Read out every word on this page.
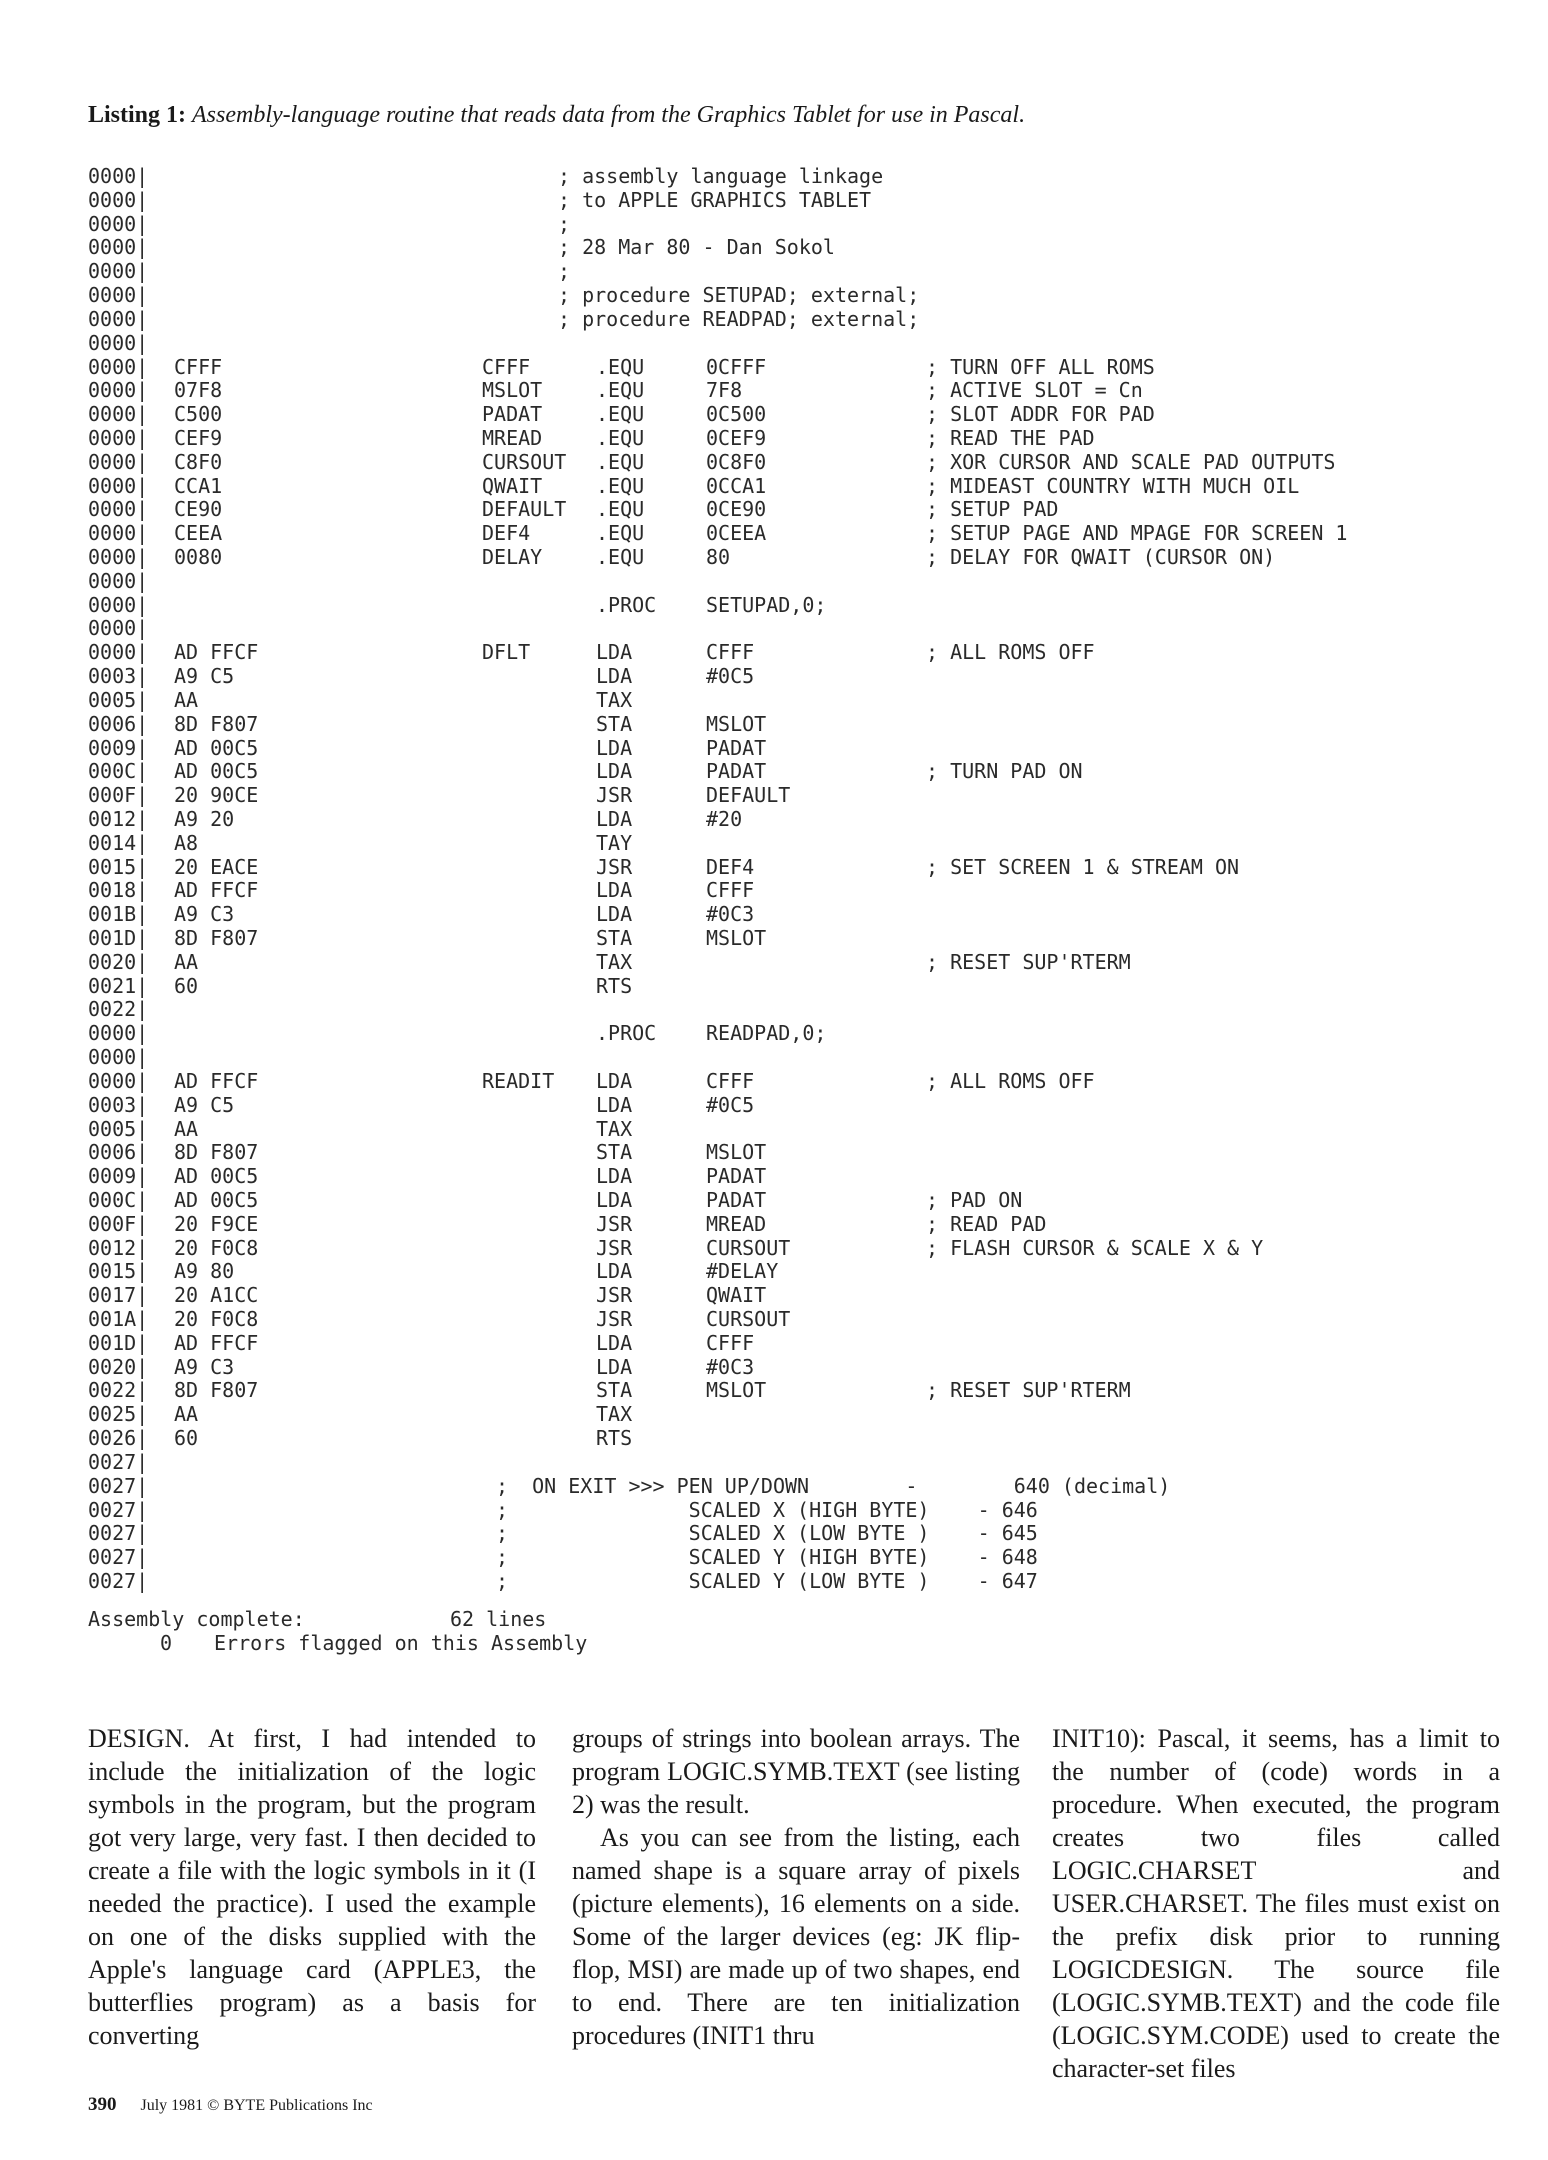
Listing 1: Assembly-language routine that reads data from the Graphics Tablet for use in Pascal.
0000|	; assembly language linkage
0000|	; to APPLE GRAPHICS TABLET
0000|	;
0000|	; 28 Mar 80 - Dan Sokol
0000|	;
0000|	; procedure SETUPAD; external;
0000|	; procedure READPAD; external;
0000|
0000| CFFF	CFFF	.EQU	0CFFF	; TURN OFF ALL ROMS
0000| 07F8	MSLOT	.EQU	7F8	; ACTIVE SLOT = Cn
0000| C500	PADAT	.EQU	0C500	; SLOT ADDR FOR PAD
0000| CEF9	MREAD	.EQU	0CEF9	; READ THE PAD
0000| C8F0	CURSOUT .EQU	0C8F0	; XOR CURSOR AND SCALE PAD OUTPUTS
0000| CCA1	QWAIT	.EQU	0CCA1	; MIDEAST COUNTRY WITH MUCH OIL
0000| CE90	DEFAULT .EQU	0CE90	; SETUP PAD
0000| CEEA	DEF4	.EQU	0CEEA	; SETUP PAGE AND MPAGE FOR SCREEN 1
0000| 0080	DELAY	.EQU	80	; DELAY FOR QWAIT (CURSOR ON)
0000|
0000|	.PROC SETUPAD,0;
0000|
0000| AD FFCF	DFLT	LDA	CFFF	; ALL ROMS OFF
0003| A9 C5	LDA	#0C5
0005| AA	TAX
0006| 8D F807	STA	MSLOT
0009| AD 00C5	LDA	PADAT
000C| AD 00C5	LDA	PADAT	; TURN PAD ON
000F| 20 90CE	JSR	DEFAULT
0012| A9 20	LDA	#20
0014| A8	TAY
0015| 20 EACE	JSR	DEF4	; SET SCREEN 1 & STREAM ON
0018| AD FFCF	LDA	CFFF
001B| A9 C3	LDA	#0C3
001D| 8D F807	STA	MSLOT
0020| AA	TAX	; RESET SUP'RTERM
0021| 60	RTS
0022|
0000|	.PROC READPAD,0;
0000|
0000| AD FFCF	READIT LDA	CFFF	; ALL ROMS OFF
0003| A9 C5	LDA	#0C5
0005| AA	TAX
0006| 8D F807	STA	MSLOT
0009| AD 00C5	LDA	PADAT
000C| AD 00C5	LDA	PADAT	; PAD ON
000F| 20 F9CE	JSR	MREAD	; READ PAD
0012| 20 F0C8	JSR	CURSOUT	; FLASH CURSOR & SCALE X & Y
0015| A9 80	LDA	#DELAY
0017| 20 A1CC	JSR	QWAIT
001A| 20 F0C8	JSR	CURSOUT
001D| AD FFCF	LDA	CFFF
0020| A9 C3	LDA	#0C3
0022| 8D F807	STA	MSLOT	; RESET SUP'RTERM
0025| AA	TAX
0026| 60	RTS
0027|
0027|	;  ON EXIT >>> PEN UP/DOWN        -        640 (decimal)
0027|	;               SCALED X (HIGH BYTE)    - 646
0027|	;               SCALED X (LOW BYTE )    - 645
0027|	;               SCALED Y (HIGH BYTE)    - 648
0027|	;               SCALED Y (LOW BYTE )    - 647

Assembly complete:

	62 lines

0

Errors flagged on this Assembly

DESIGN. At first, I had intended to include the initialization of the logic symbols in the program, but the program got very large, very fast. I then decided to create a file with the logic symbols in it (I needed the practice). I used the example on one of the disks supplied with the Apple's language card (APPLE3, the butterflies program) as a basis for converting

groups of strings into boolean arrays. The program LOGIC.SYMB.TEXT (see listing 2) was the result.

As you can see from the listing, each named shape is a square array of pixels (picture elements), 16 elements on a side. Some of the larger devices (eg: JK flip-flop, MSI) are made up of two shapes, end to end. There are ten initialization procedures (INIT1 thru

INIT10): Pascal, it seems, has a limit to the number of (code) words in a procedure. When executed, the program creates two files called LOGIC.CHARSET and USER.CHARSET. The files must exist on the prefix disk prior to running LOGICDESIGN. The source file (LOGIC.SYMB.TEXT) and the code file (LOGIC.SYM.CODE) used to create the character-set files

390 July 1981 © BYTE Publications Inc
